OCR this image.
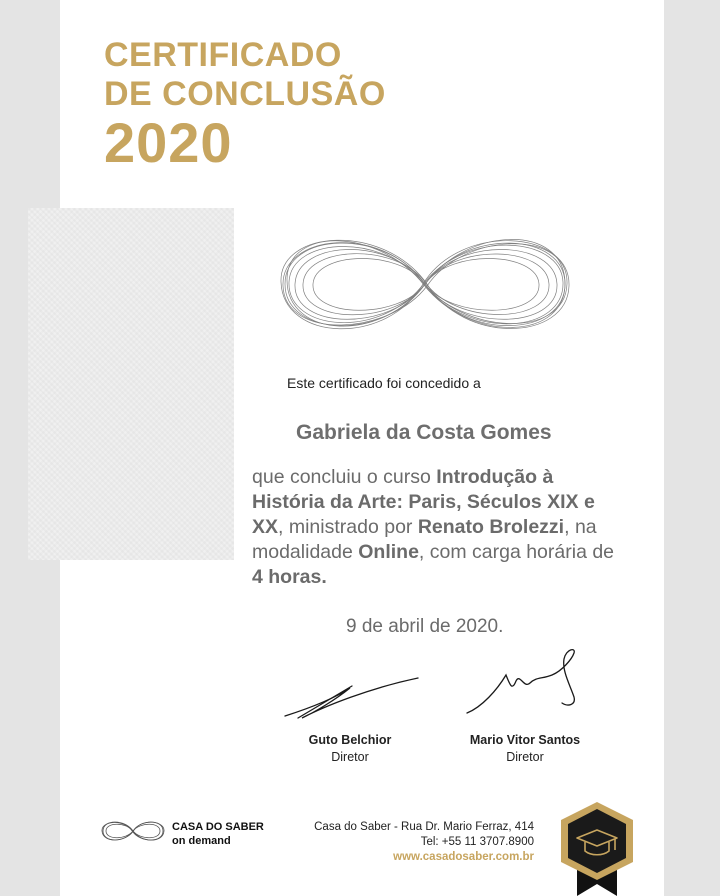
CERTIFICADO
DE CONCLUSÃO
2020
Este certificado foi concedido a
Gabriela da Costa Gomes
que concluiu o curso Introdução à História da Arte: Paris, Séculos XIX e XX, ministrado por Renato Brolezzi, na modalidade Online, com carga horária de 4 horas.
9 de abril de 2020.
Guto Belchior
Diretor
Mario Vitor Santos
Diretor
CASA DO SABER
on demand
Casa do Saber - Rua Dr. Mario Ferraz, 414
Tel: +55 11 3707.8900
www.casadosaber.com.br
